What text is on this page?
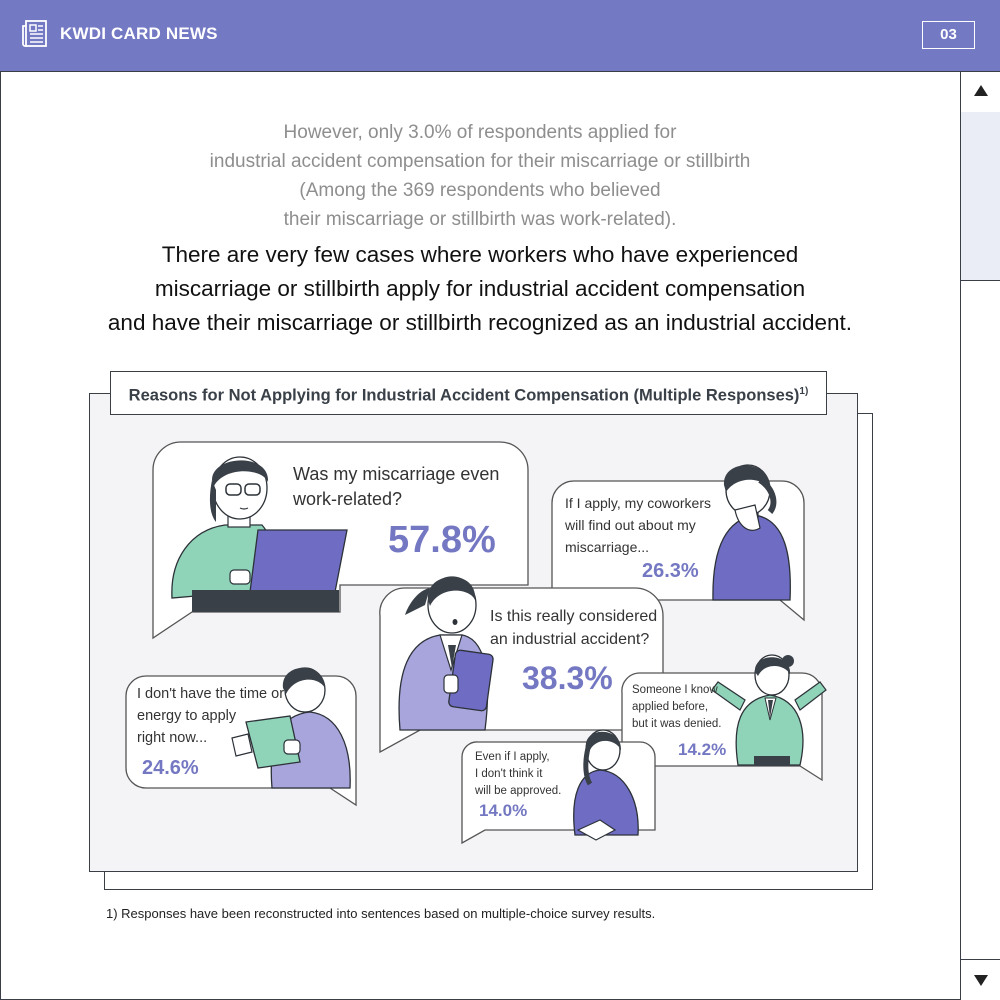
KWDI CARD NEWS	03

However, only 3.0% of respondents applied for

industrial accident compensation for their miscarriage or stillbirth

(Among the 369 respondents who believed

their miscarriage or stillbirth was work-related).

There are very few cases where workers who have experienced

miscarriage or stillbirth apply for industrial accident compensation

and have their miscarriage or stillbirth recognized as an industrial accident.

Reasons for Not Applying for Industrial Accident Compensation (Multiple Responses)$^{1)}$
Was my miscarriage even
work-related?
57.8%
If I apply, my coworkers
will find out about my
miscarriage...
26.3%
Is this really considered
an industrial accident?
38.3%
I don't have the time or
energy to apply
right now...
24.6%
Someone I know
applied before,
but it was denied.
14.2%
Even if I apply,
I don't think it
will be approved.
14.0%
1) Responses have been reconstructed into sentences based on multiple-choice survey results.
